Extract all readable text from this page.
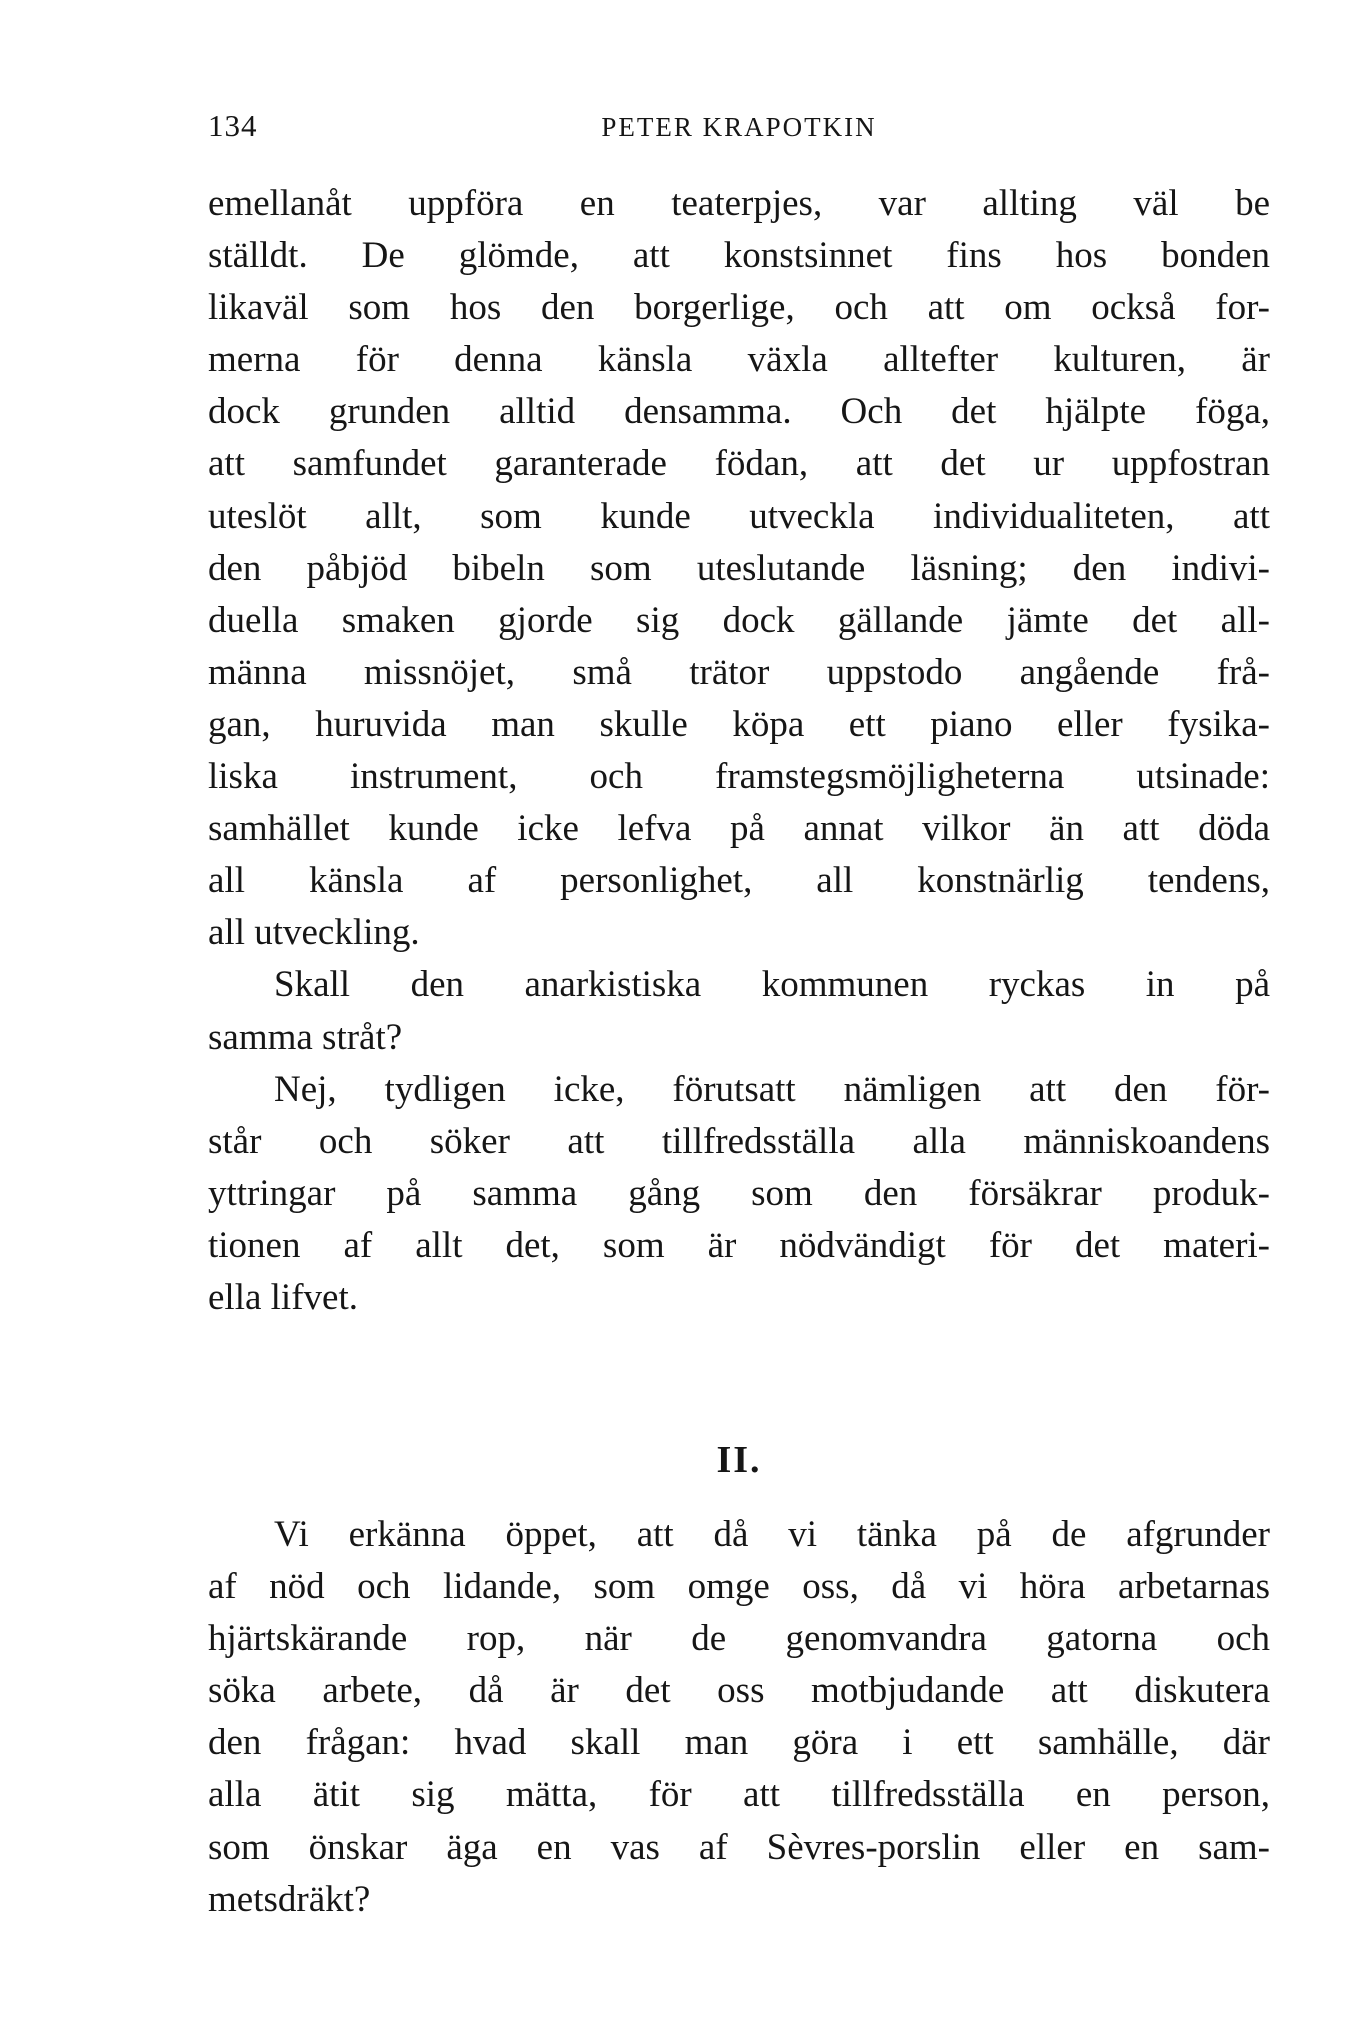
134	PETER KRAPOTKIN
emellanåt uppföra en teaterpjes, var allting väl be
ställdt. De glömde, att konstsinnet fins hos bonden
likaväl som hos den borgerlige, och att om också for-
merna för denna känsla växla alltefter kulturen, är
dock grunden alltid densamma. Och det hjälpte föga,
att samfundet garanterade födan, att det ur uppfostran
uteslöt allt, som kunde utveckla individualiteten, att
den påbjöd bibeln som uteslutande läsning; den indivi-
duella smaken gjorde sig dock gällande jämte det all-
männa missnöjet, små trätor uppstodo angående frå-
gan, huruvida man skulle köpa ett piano eller fysika-
liska instrument, och framstegsmöjligheterna utsinade:
samhället kunde icke lefva på annat vilkor än att döda
all känsla af personlighet, all konstnärlig tendens,
all utveckling.
Skall den anarkistiska kommunen ryckas in på
samma stråt?
Nej, tydligen icke, förutsatt nämligen att den för-
står och söker att tillfredsställa alla människoandens
yttringar på samma gång som den försäkrar produk-
tionen af allt det, som är nödvändigt för det materi-
ella lifvet.
II.
Vi erkänna öppet, att då vi tänka på de afgrunder
af nöd och lidande, som omge oss, då vi höra arbetarnas
hjärtskärande rop, när de genomvandra gatorna och
söka arbete, då är det oss motbjudande att diskutera
den frågan: hvad skall man göra i ett samhälle, där
alla ätit sig mätta, för att tillfredsställa en person,
som önskar äga en vas af Sèvres-porslin eller en sam-
metsdräkt?
